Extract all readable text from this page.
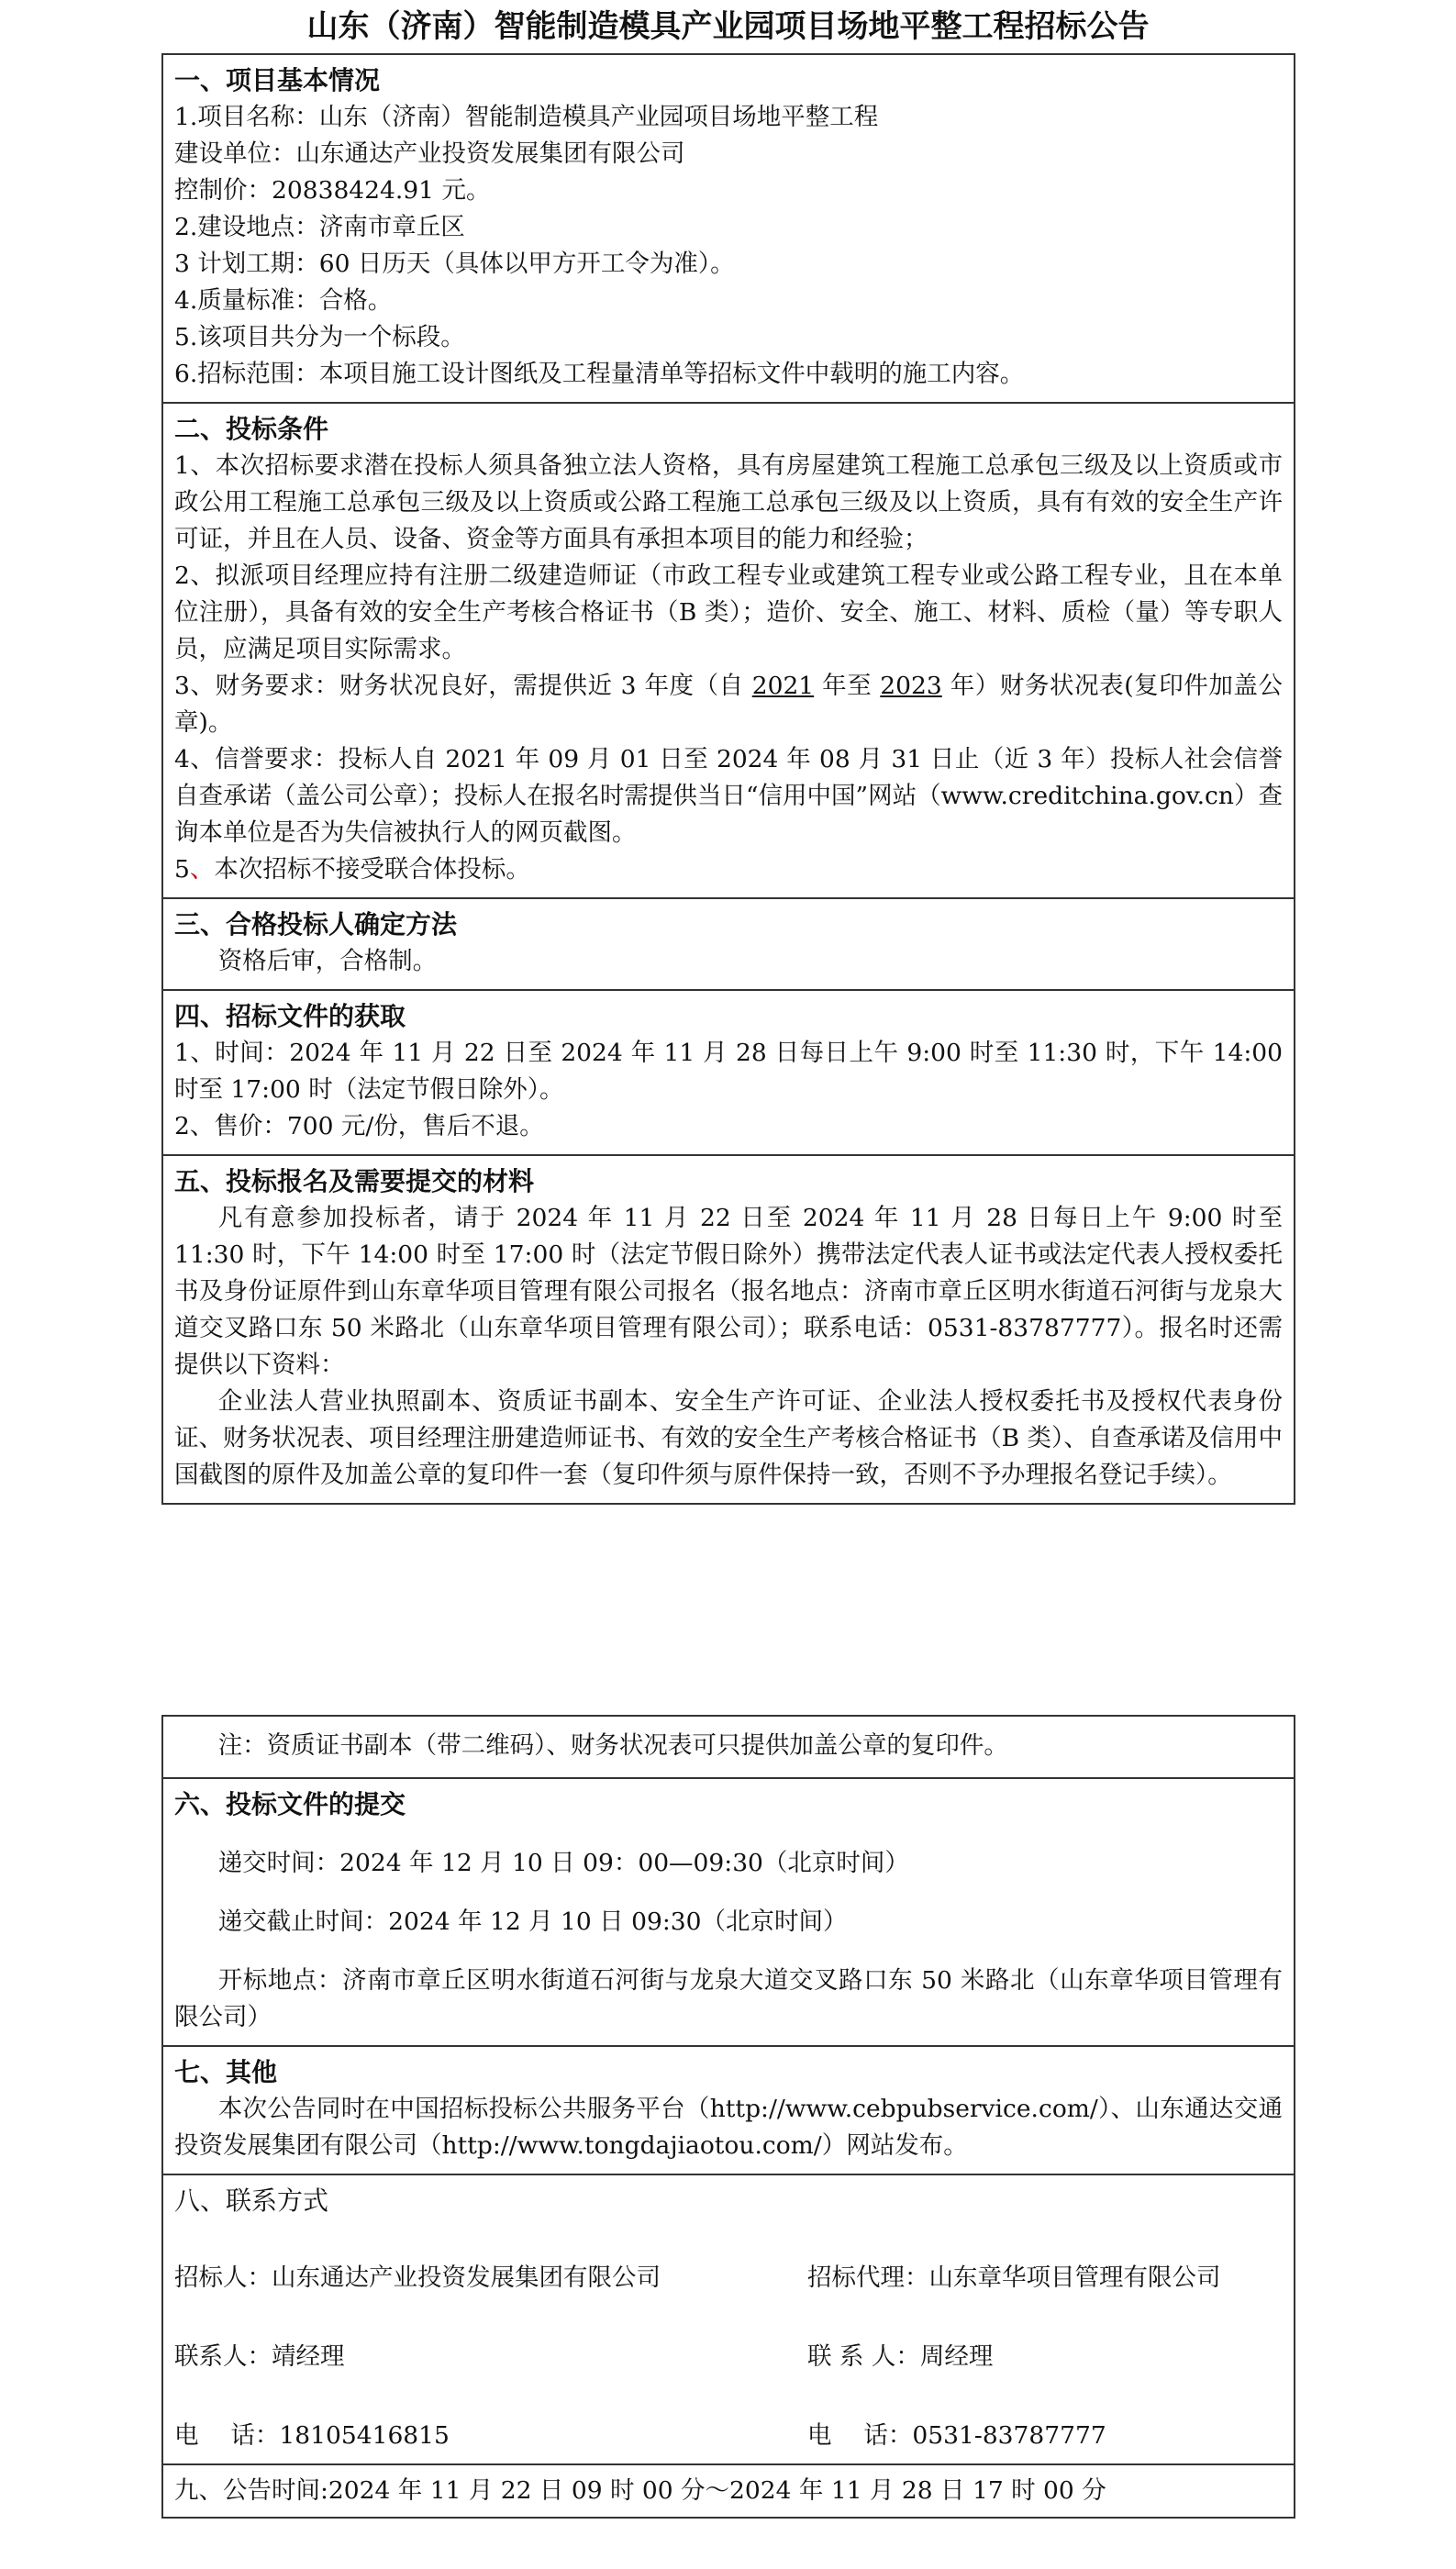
山东（济南）智能制造模具产业园项目场地平整工程招标公告
一、项目基本情况

1.项目名称：山东（济南）智能制造模具产业园项目场地平整工程

建设单位：山东通达产业投资发展集团有限公司

控制价：20838424.91 元。

2.建设地点：济南市章丘区

3 计划工期：60 日历天（具体以甲方开工令为准）。

4.质量标准：合格。

5.该项目共分为一个标段。

6.招标范围：本项目施工设计图纸及工程量清单等招标文件中载明的施工内容。

二、投标条件

1、本次招标要求潜在投标人须具备独立法人资格，具有房屋建筑工程施工总承包三级及以上资质或市政公用工程施工总承包三级及以上资质或公路工程施工总承包三级及以上资质，具有有效的安全生产许可证，并且在人员、设备、资金等方面具有承担本项目的能力和经验；

2、拟派项目经理应持有注册二级建造师证（市政工程专业或建筑工程专业或公路工程专业，且在本单位注册），具备有效的安全生产考核合格证书（B 类）；造价、安全、施工、材料、质检（量）等专职人员，应满足项目实际需求。

3、财务要求：财务状况良好，需提供近 3 年度（自 2021 年至 2023 年）财务状况表(复印件加盖公章)。

4、信誉要求：投标人自 2021 年 09 月 01 日至 2024 年 08 月 31 日止（近 3 年）投标人社会信誉自查承诺（盖公司公章）；投标人在报名时需提供当日“信用中国”网站（www.creditchina.gov.cn）查询本单位是否为失信被执行人的网页截图。

5、本次招标不接受联合体投标。

三、合格投标人确定方法

资格后审，合格制。

四、招标文件的获取

1、时间：2024 年 11 月 22 日至 2024 年 11 月 28 日每日上午 9:00 时至 11:30 时，下午 14:00 时至 17:00 时（法定节假日除外）。

2、售价：700 元/份，售后不退。

五、投标报名及需要提交的材料

凡有意参加投标者，请于 2024 年 11 月 22 日至 2024 年 11 月 28 日每日上午 9:00 时至 11:30 时，下午 14:00 时至 17:00 时（法定节假日除外）携带法定代表人证书或法定代表人授权委托书及身份证原件到山东章华项目管理有限公司报名（报名地点：济南市章丘区明水街道石河街与龙泉大道交叉路口东 50 米路北（山东章华项目管理有限公司）；联系电话：0531-83787777）。报名时还需提供以下资料：

企业法人营业执照副本、资质证书副本、安全生产许可证、企业法人授权委托书及授权代表身份证、财务状况表、项目经理注册建造师证书、有效的安全生产考核合格证书（B 类）、自查承诺及信用中国截图的原件及加盖公章的复印件一套（复印件须与原件保持一致，否则不予办理报名登记手续）。

注：资质证书副本（带二维码）、财务状况表可只提供加盖公章的复印件。

六、投标文件的提交

递交时间：2024 年 12 月 10 日 09：00—09:30（北京时间）

递交截止时间：2024 年 12 月 10 日 09:30（北京时间）

开标地点：济南市章丘区明水街道石河街与龙泉大道交叉路口东 50 米路北（山东章华项目管理有限公司）

七、其他

本次公告同时在中国招标投标公共服务平台（http://www.cebpubservice.com/）、山东通达交通投资发展集团有限公司（http://www.tongdajiaotou.com/）网站发布。

八、联系方式
招标人：山东通达产业投资发展集团有限公司	招标代理：山东章华项目管理有限公司
联系人：靖经理	联 系 人：周经理
电　 话：18105416815	电　 话：0531-83787777

九、公告时间:2024 年 11 月 22 日 09 时 00 分～2024 年 11 月 28 日 17 时 00 分
